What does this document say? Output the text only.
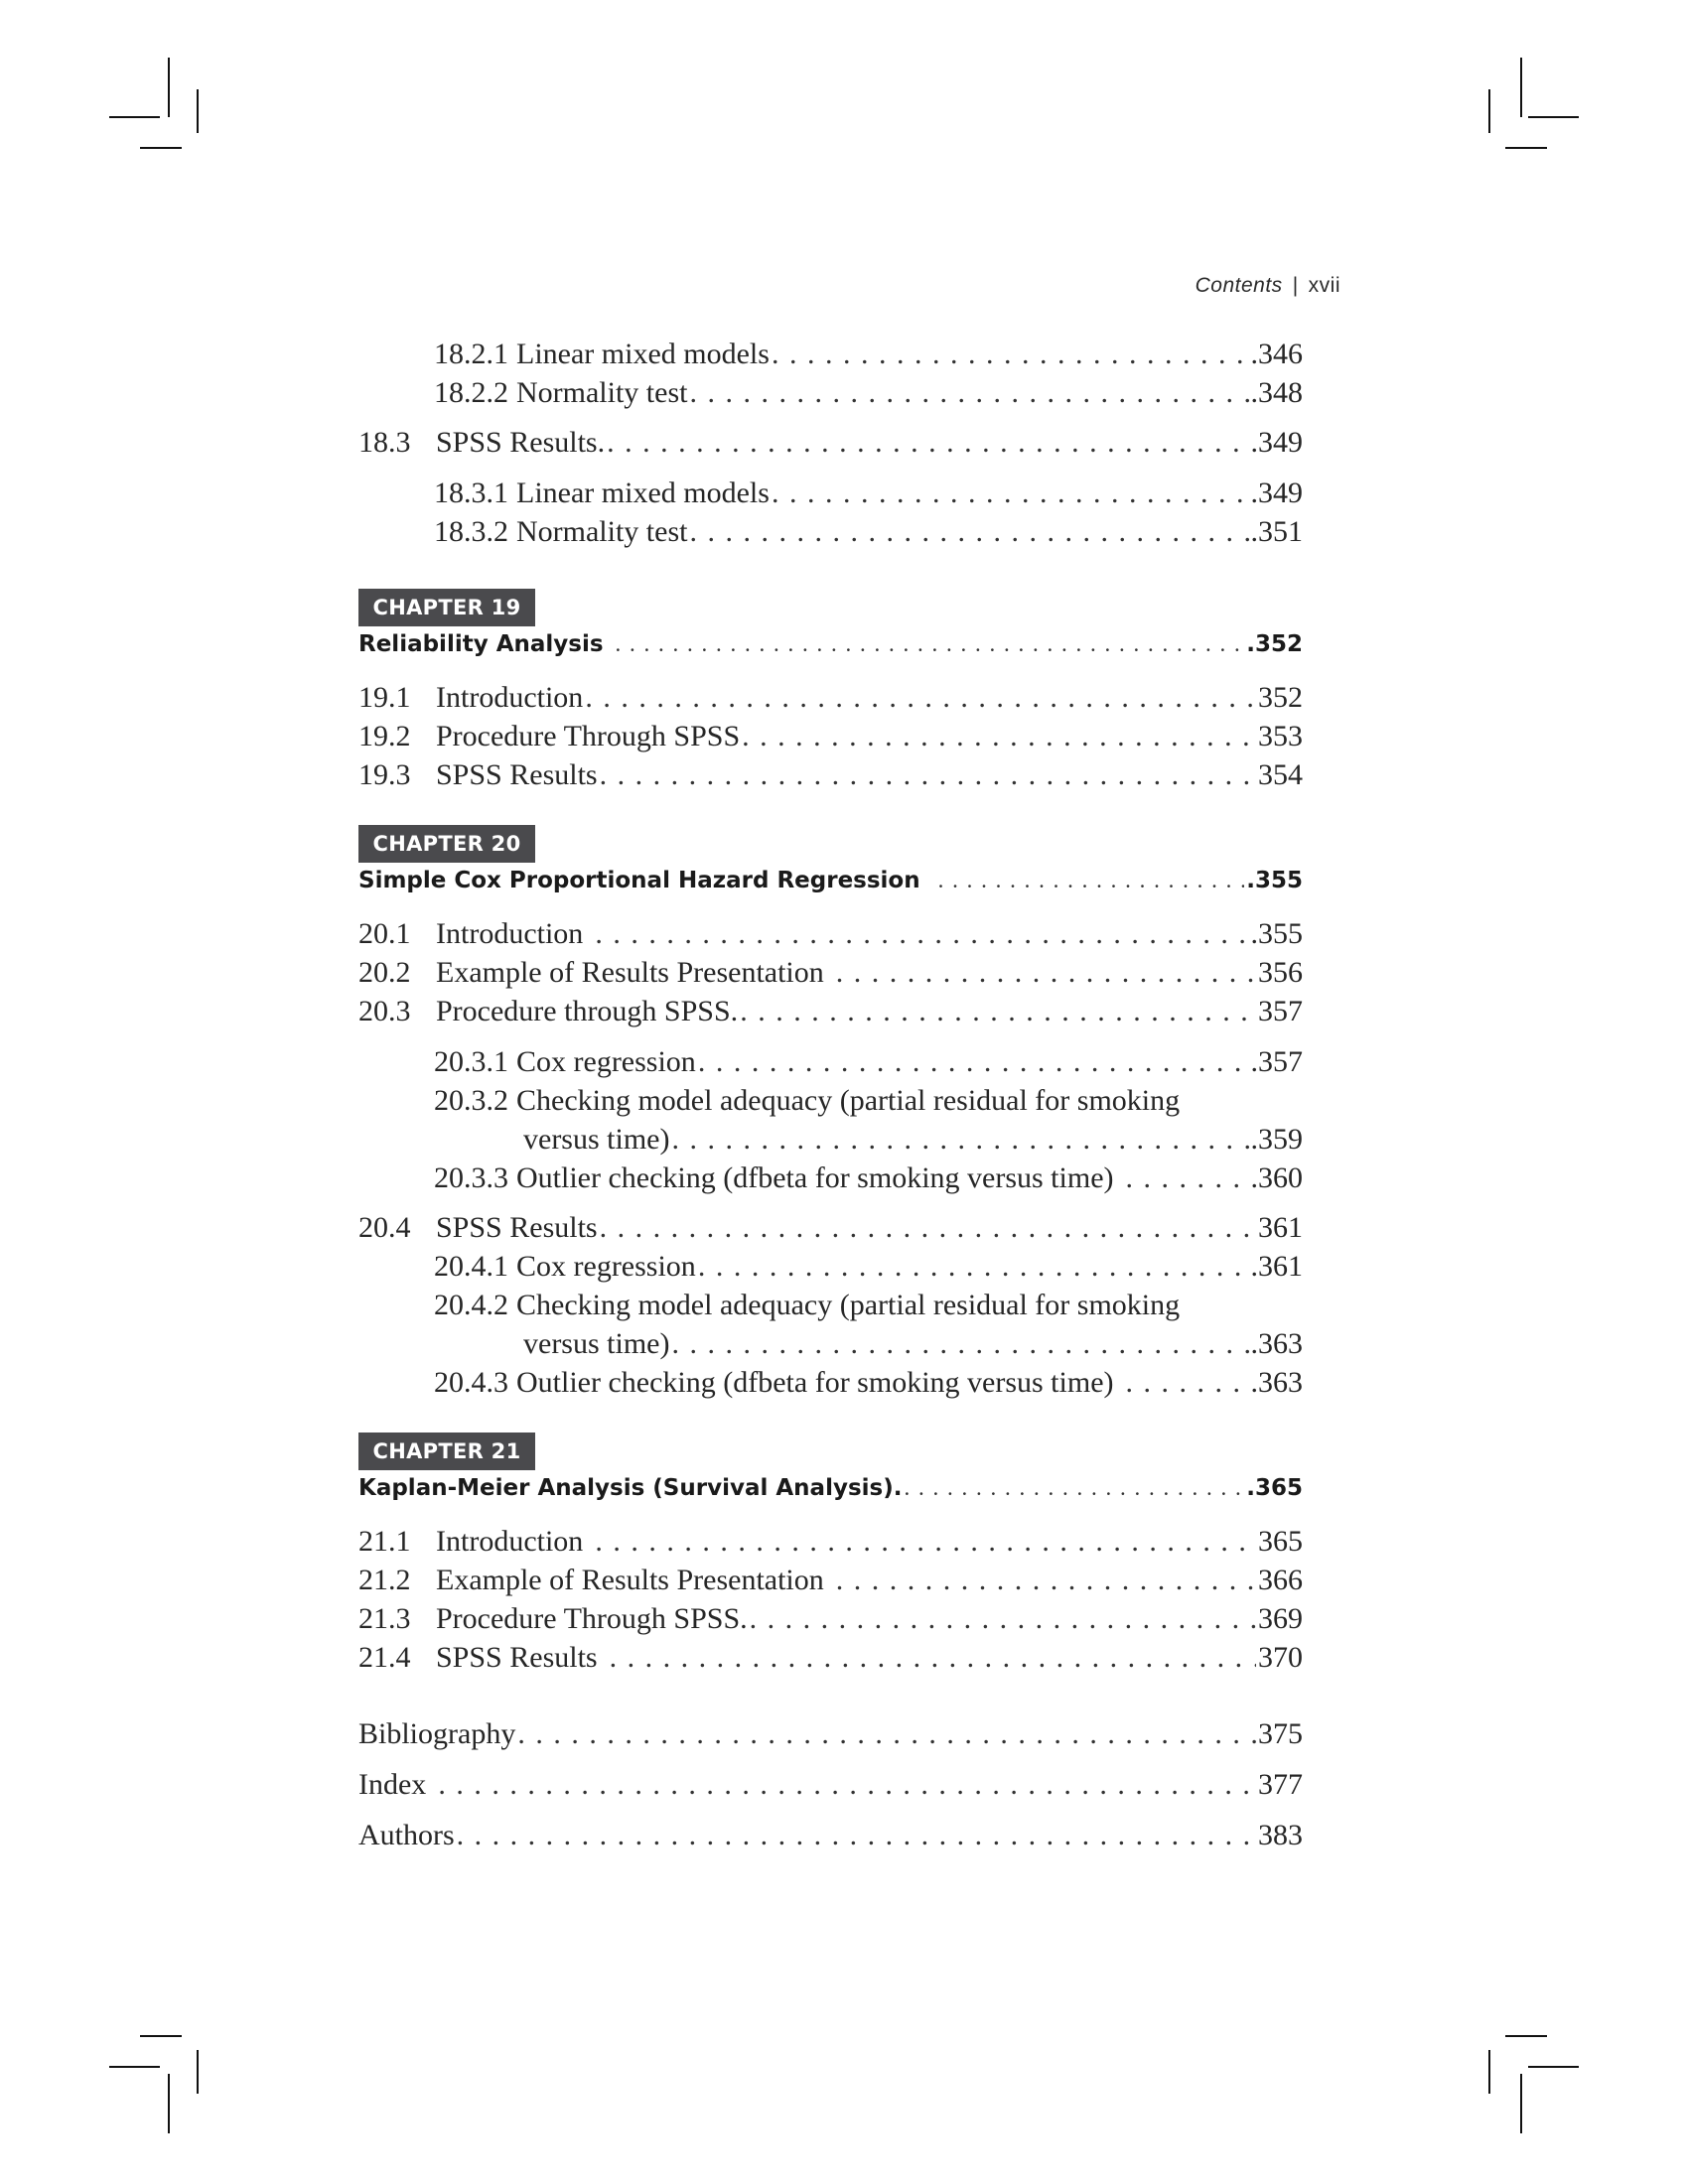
Contents | xvii
18.2.1 Linear mixed models . . .	.346
18.2.2 Normality test . . .	.348
18.3 SPSS Results. . . .	.349
18.3.1 Linear mixed models . . .	.349
18.3.2 Normality test . . .	.351
CHAPTER 19
Reliability Analysis . . .	.352
19.1 Introduction . . .	352
19.2 Procedure Through SPSS . . .	353
19.3 SPSS Results . . .	354
CHAPTER 20
Simple Cox Proportional Hazard Regression . . .	.355
20.1 Introduction . . .	.355
20.2 Example of Results Presentation . . .	356
20.3 Procedure through SPSS. . . .	357
20.3.1 Cox regression . . .	.357
20.3.2 Checking model adequacy (partial residual for smoking
versus time) . . .	.359
20.3.3 Outlier checking (dfbeta for smoking versus time) . . .	.360
20.4 SPSS Results . . .	361
20.4.1 Cox regression . . .	.361
20.4.2 Checking model adequacy (partial residual for smoking
versus time) . . .	.363
20.4.3 Outlier checking (dfbeta for smoking versus time) . . .	.363
CHAPTER 21
Kaplan-Meier Analysis (Survival Analysis). . . .	.365
21.1 Introduction . . .	365
21.2 Example of Results Presentation . . .	366
21.3 Procedure Through SPSS. . . .	369
21.4 SPSS Results . . .	370
Bibliography . . .	375
Index . . .	377
Authors . . .	383
